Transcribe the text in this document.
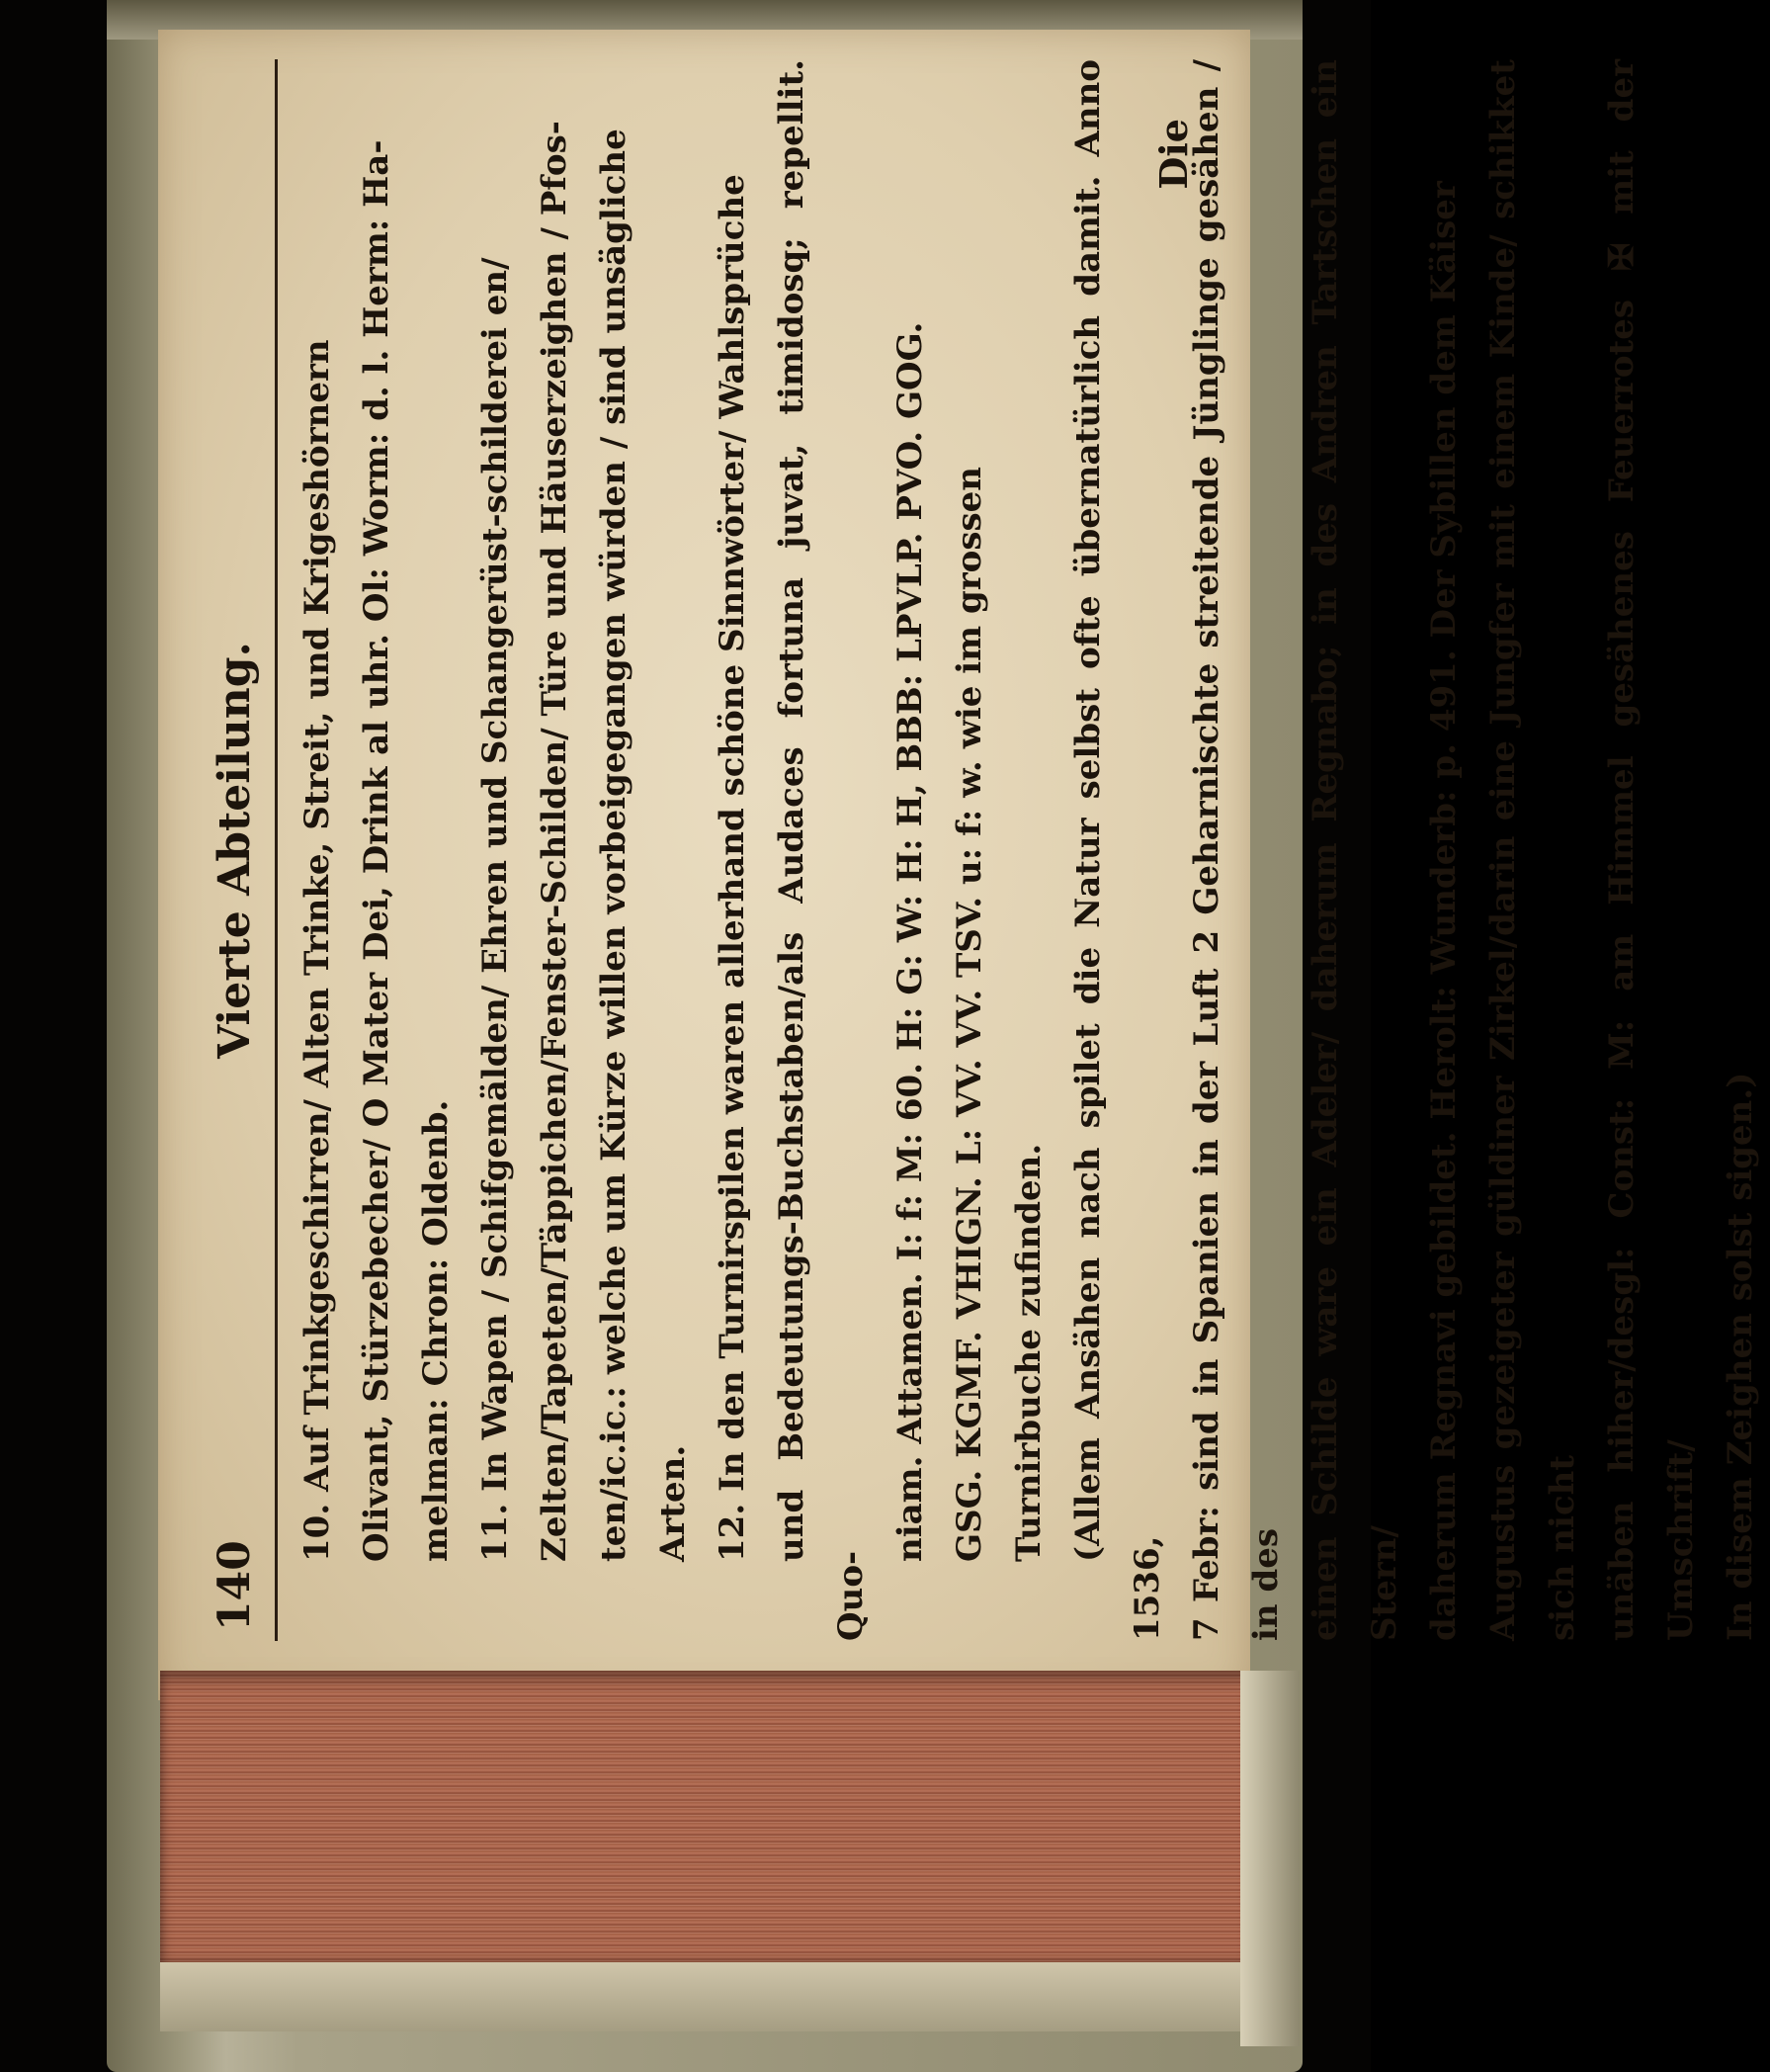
140
Vierte Abteilung. 10. Auf Trinkgeschirren/ Alten Trinke, Streit, und Krigeshörnern Olivant, Stürzebecher/ O Mater Dei, Drink al uhr. Ol: Worm: d. l. Herm: Ha- melman: Chron: Oldenb. 11. In Wapen / Schifgemälden/ Ehren und Schangerüst-schilderei en/ Zelten/Tapeten/Täppichen/Fenster-Schilden/ Türe und Häuserzeighen / Pfos- ten/ic.ic.: welche um Kürze willen vorbeigegangen würden / sind unsägliche Arten. 12. In den Turnirspilen waren allerhand schöne Sinnwörter/ Wahlsprüche und Bedeutungs-Buchstaben/als Audaces fortuna juvat, timidosq; repellit. Quo-
niam. Attamen. I: f: M: 60. H: G: W: H: H, BBB: LPVLP. PVO. GOG. GSG. KGMF. VHIGN. L: VV. VV. TSV. u: f: w. wie im grossen Turnirbuche zufinden. (Allem Ansähen nach spilet die Natur selbst ofte übernatürlich damit. Anno 1536, 7 Febr: sind in Spanien in der Luft 2 Geharnischte streitende Jünglinge gesähen / in des einen Schilde ware ein Adeler/ daherum Regnabo; in des Andren Tartschen ein Stern/ daherum Regnavi gebildet. Herolt: Wunderb: p. 491. Der Sybillen dem Käiser Augustus gezeigeter güldiner Zirkel/darin eine Jungfer mit einem Kinde/ schikket sich nicht unäben hiher/desgl: Const: M: am Himmel gesähenes Feuerrotes ✠ mit der Umschrift/ In disem Zeighen solst sigen.)

Die
